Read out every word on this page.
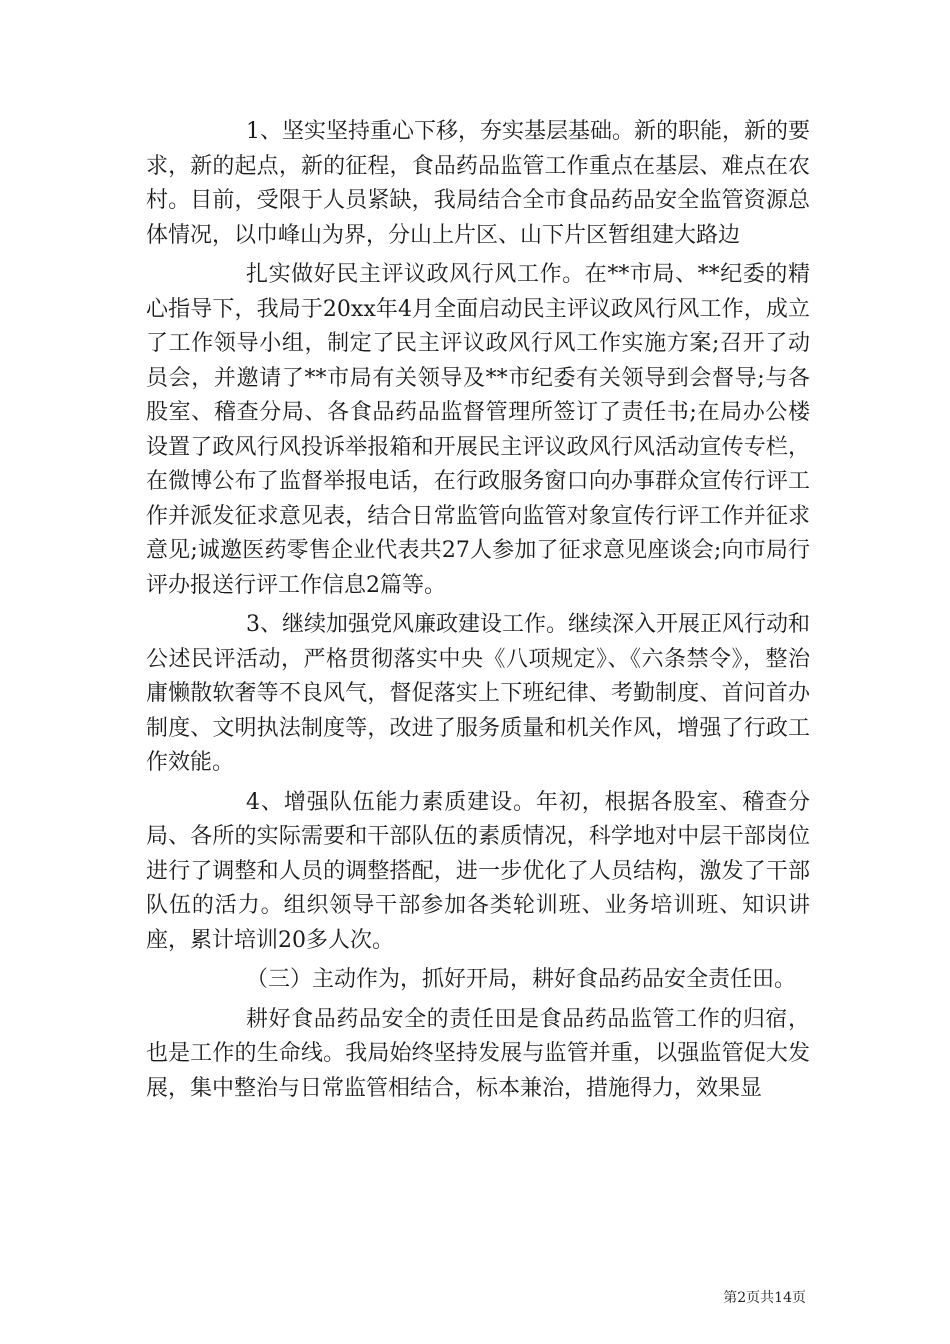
1、坚实坚持重心下移，夯实基层基础。新的职能，新的要求，新的起点，新的征程，食品药品监管工作重点在基层、难点在农村。目前，受限于人员紧缺，我局结合全市食品药品安全监管资源总体情况，以巾峰山为界，分山上片区、山下片区暂组建大路边

扎实做好民主评议政风行风工作。在**市局、**纪委的精心指导下，我局于20xx年4月全面启动民主评议政风行风工作，成立了工作领导小组，制定了民主评议政风行风工作实施方案;召开了动员会，并邀请了**市局有关领导及**市纪委有关领导到会督导;与各股室、稽查分局、各食品药品监督管理所签订了责任书;在局办公楼设置了政风行风投诉举报箱和开展民主评议政风行风活动宣传专栏，在微博公布了监督举报电话，在行政服务窗口向办事群众宣传行评工作并派发征求意见表，结合日常监管向监管对象宣传行评工作并征求意见;诚邀医药零售企业代表共27人参加了征求意见座谈会;向市局行评办报送行评工作信息2篇等。

3、继续加强党风廉政建设工作。继续深入开展正风行动和公述民评活动，严格贯彻落实中央《八项规定》、《六条禁令》，整治庸懒散软奢等不良风气，督促落实上下班纪律、考勤制度、首问首办制度、文明执法制度等，改进了服务质量和机关作风，增强了行政工作效能。

4、增强队伍能力素质建设。年初，根据各股室、稽查分局、各所的实际需要和干部队伍的素质情况，科学地对中层干部岗位进行了调整和人员的调整搭配，进一步优化了人员结构，激发了干部队伍的活力。组织领导干部参加各类轮训班、业务培训班、知识讲座，累计培训20多人次。

（三）主动作为，抓好开局，耕好食品药品安全责任田。

耕好食品药品安全的责任田是食品药品监管工作的归宿，也是工作的生命线。我局始终坚持发展与监管并重，以强监管促大发展，集中整治与日常监管相结合，标本兼治，措施得力，效果显

第2页共14页
